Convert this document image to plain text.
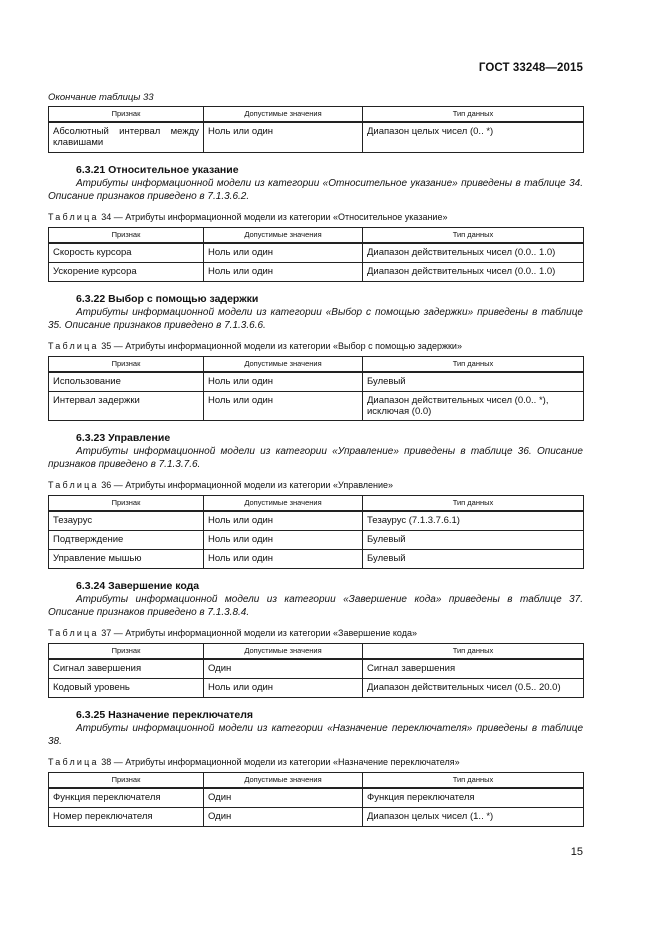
ГОСТ 33248—2015
Окончание таблицы 33
Признак	Допустимые значения	Тип данных
Абсолютный интервал между клавишами	Ноль или один	Диапазон целых чисел (0.. *)
6.3.21 Относительное указание
Атрибуты информационной модели из категории «Относительное указание» приведены в таблице 34. Описание признаков приведено в 7.1.3.6.2.
Таблица 34 — Атрибуты информационной модели из категории «Относительное указание»
Признак	Допустимые значения	Тип данных
Скорость курсора	Ноль или один	Диапазон действительных чисел (0.0.. 1.0)
Ускорение курсора	Ноль или один	Диапазон действительных чисел (0.0.. 1.0)
6.3.22 Выбор с помощью задержки
Атрибуты информационной модели из категории «Выбор с помощью задержки» приведены в таблице 35. Описание признаков приведено в 7.1.3.6.6.
Таблица 35 — Атрибуты информационной модели из категории «Выбор с помощью задержки»
Признак	Допустимые значения	Тип данных
Использование	Ноль или один	Булевый
Интервал задержки	Ноль или один	Диапазон действительных чисел (0.0.. *), исключая (0.0)
6.3.23 Управление
Атрибуты информационной модели из категории «Управление» приведены в таблице 36. Описание признаков приведено в 7.1.3.7.6.
Таблица 36 — Атрибуты информационной модели из категории «Управление»
Признак	Допустимые значения	Тип данных
Тезаурус	Ноль или один	Тезаурус (7.1.3.7.6.1)
Подтверждение	Ноль или один	Булевый
Управление мышью	Ноль или один	Булевый
6.3.24 Завершение кода
Атрибуты информационной модели из категории «Завершение кода» приведены в таблице 37. Описание признаков приведено в 7.1.3.8.4.
Таблица 37 — Атрибуты информационной модели из категории «Завершение кода»
Признак	Допустимые значения	Тип данных
Сигнал завершения	Один	Сигнал завершения
Кодовый уровень	Ноль или один	Диапазон действительных чисел (0.5.. 20.0)
6.3.25 Назначение переключателя
Атрибуты информационной модели из категории «Назначение переключателя» приведены в таблице 38.
Таблица 38 — Атрибуты информационной модели из категории «Назначение переключателя»
Признак	Допустимые значения	Тип данных
Функция переключателя	Один	Функция переключателя
Номер переключателя	Один	Диапазон целых чисел (1.. *)
15
